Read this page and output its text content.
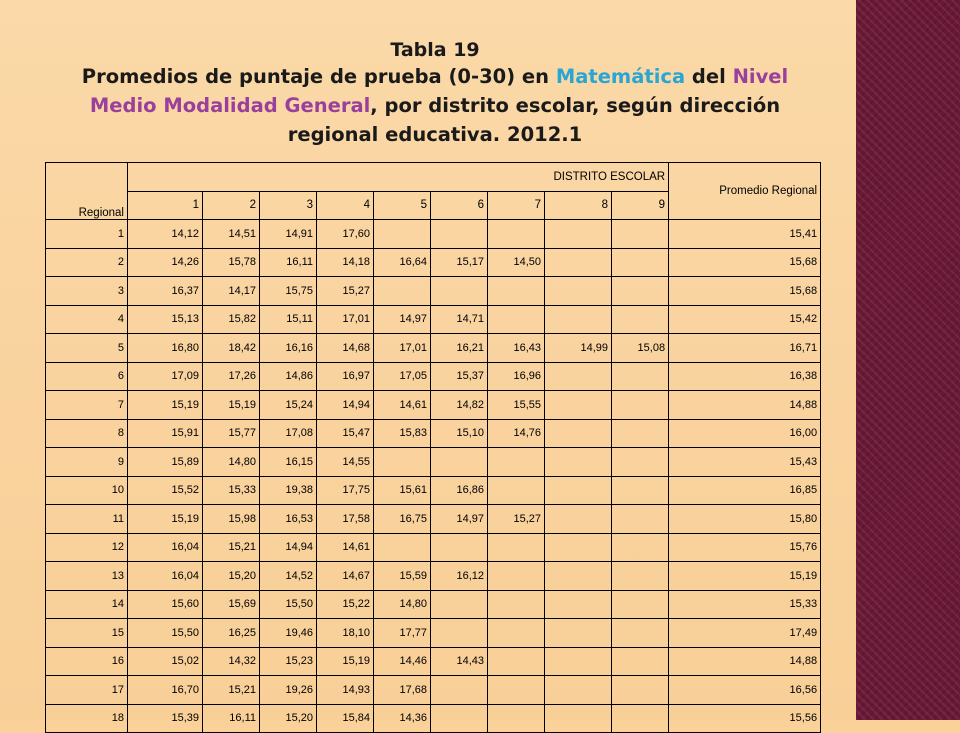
Tabla 19
Promedios de puntaje de prueba (0-30) en Matemática del Nivel
Medio Modalidad General, por distrito escolar, según dirección
regional educativa. 2012.1
Regional	DISTRITO ESCOLAR									Promedio Regional
	1	2	3	4	5	6	7	8	9	
1	14,12	14,51	14,91	17,60						15,41
2	14,26	15,78	16,11	14,18	16,64	15,17	14,50			15,68
3	16,37	14,17	15,75	15,27						15,68
4	15,13	15,82	15,11	17,01	14,97	14,71				15,42
5	16,80	18,42	16,16	14,68	17,01	16,21	16,43	14,99	15,08	16,71
6	17,09	17,26	14,86	16,97	17,05	15,37	16,96			16,38
7	15,19	15,19	15,24	14,94	14,61	14,82	15,55			14,88
8	15,91	15,77	17,08	15,47	15,83	15,10	14,76			16,00
9	15,89	14,80	16,15	14,55						15,43
10	15,52	15,33	19,38	17,75	15,61	16,86				16,85
11	15,19	15,98	16,53	17,58	16,75	14,97	15,27			15,80
12	16,04	15,21	14,94	14,61						15,76
13	16,04	15,20	14,52	14,67	15,59	16,12				15,19
14	15,60	15,69	15,50	15,22	14,80					15,33
15	15,50	16,25	19,46	18,10	17,77					17,49
16	15,02	14,32	15,23	15,19	14,46	14,43				14,88
17	16,70	15,21	19,26	14,93	17,68					16,56
18	15,39	16,11	15,20	15,84	14,36					15,56
